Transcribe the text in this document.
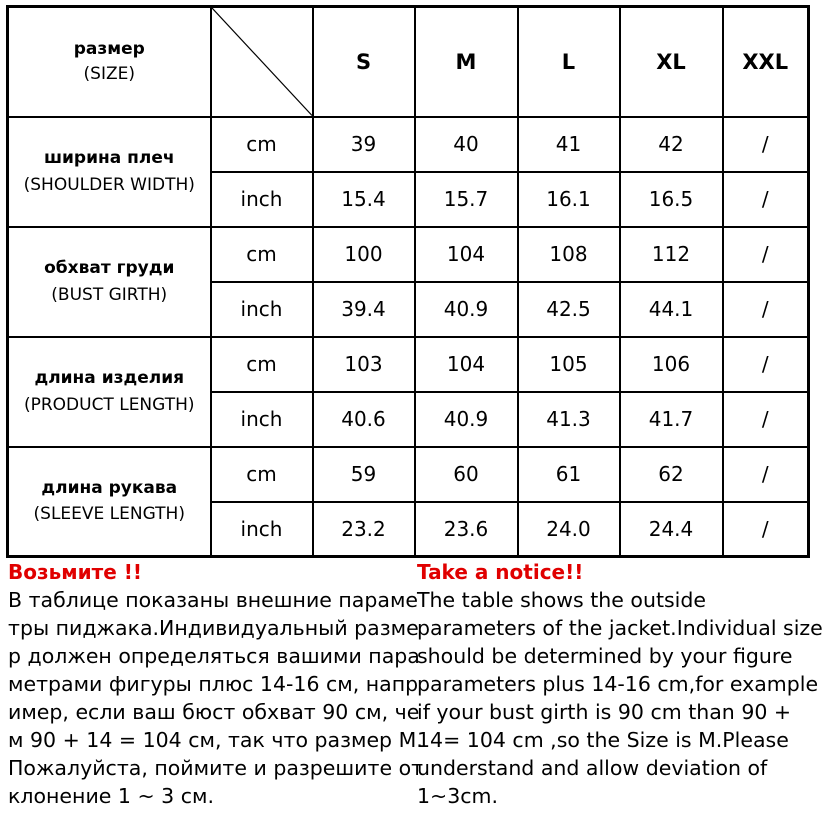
размер
(SIZE)		S	M	L	XL	XXL

ширина плеч
(SHOULDER WIDTH)	cm	39	40	41	42	/
	inch	15.4	15.7	16.1	16.5	/

обхват груди
(BUST GIRTH)	cm	100	104	108	112	/
	inch	39.4	40.9	42.5	44.1	/

длина изделия
(PRODUCT LENGTH)	cm	103	104	105	106	/
	inch	40.6	40.9	41.3	41.7	/

длина рукава
(SLEEVE LENGTH)	cm	59	60	61	62	/
	inch	23.2	23.6	24.0	24.4	/
Возьмите !!
В таблице показаны внешние параме
тры пиджака.Индивидуальный разме
р должен определяться вашими пара
метрами фигуры плюс 14-16 см, напр
имер, если ваш бюст обхват 90 см, че
м 90 + 14 = 104 см, так что размер M.
Пожалуйста, поймите и разрешите от
клонение 1 ~ 3 см.
Take a notice!!
The table shows the outside
parameters of the jacket.Individual size
should be determined by your figure
parameters plus 14-16 cm,for example
if your bust girth is 90 cm than 90 +
14= 104 cm ,so the Size is M.Please
understand and allow deviation of
1~3cm.
